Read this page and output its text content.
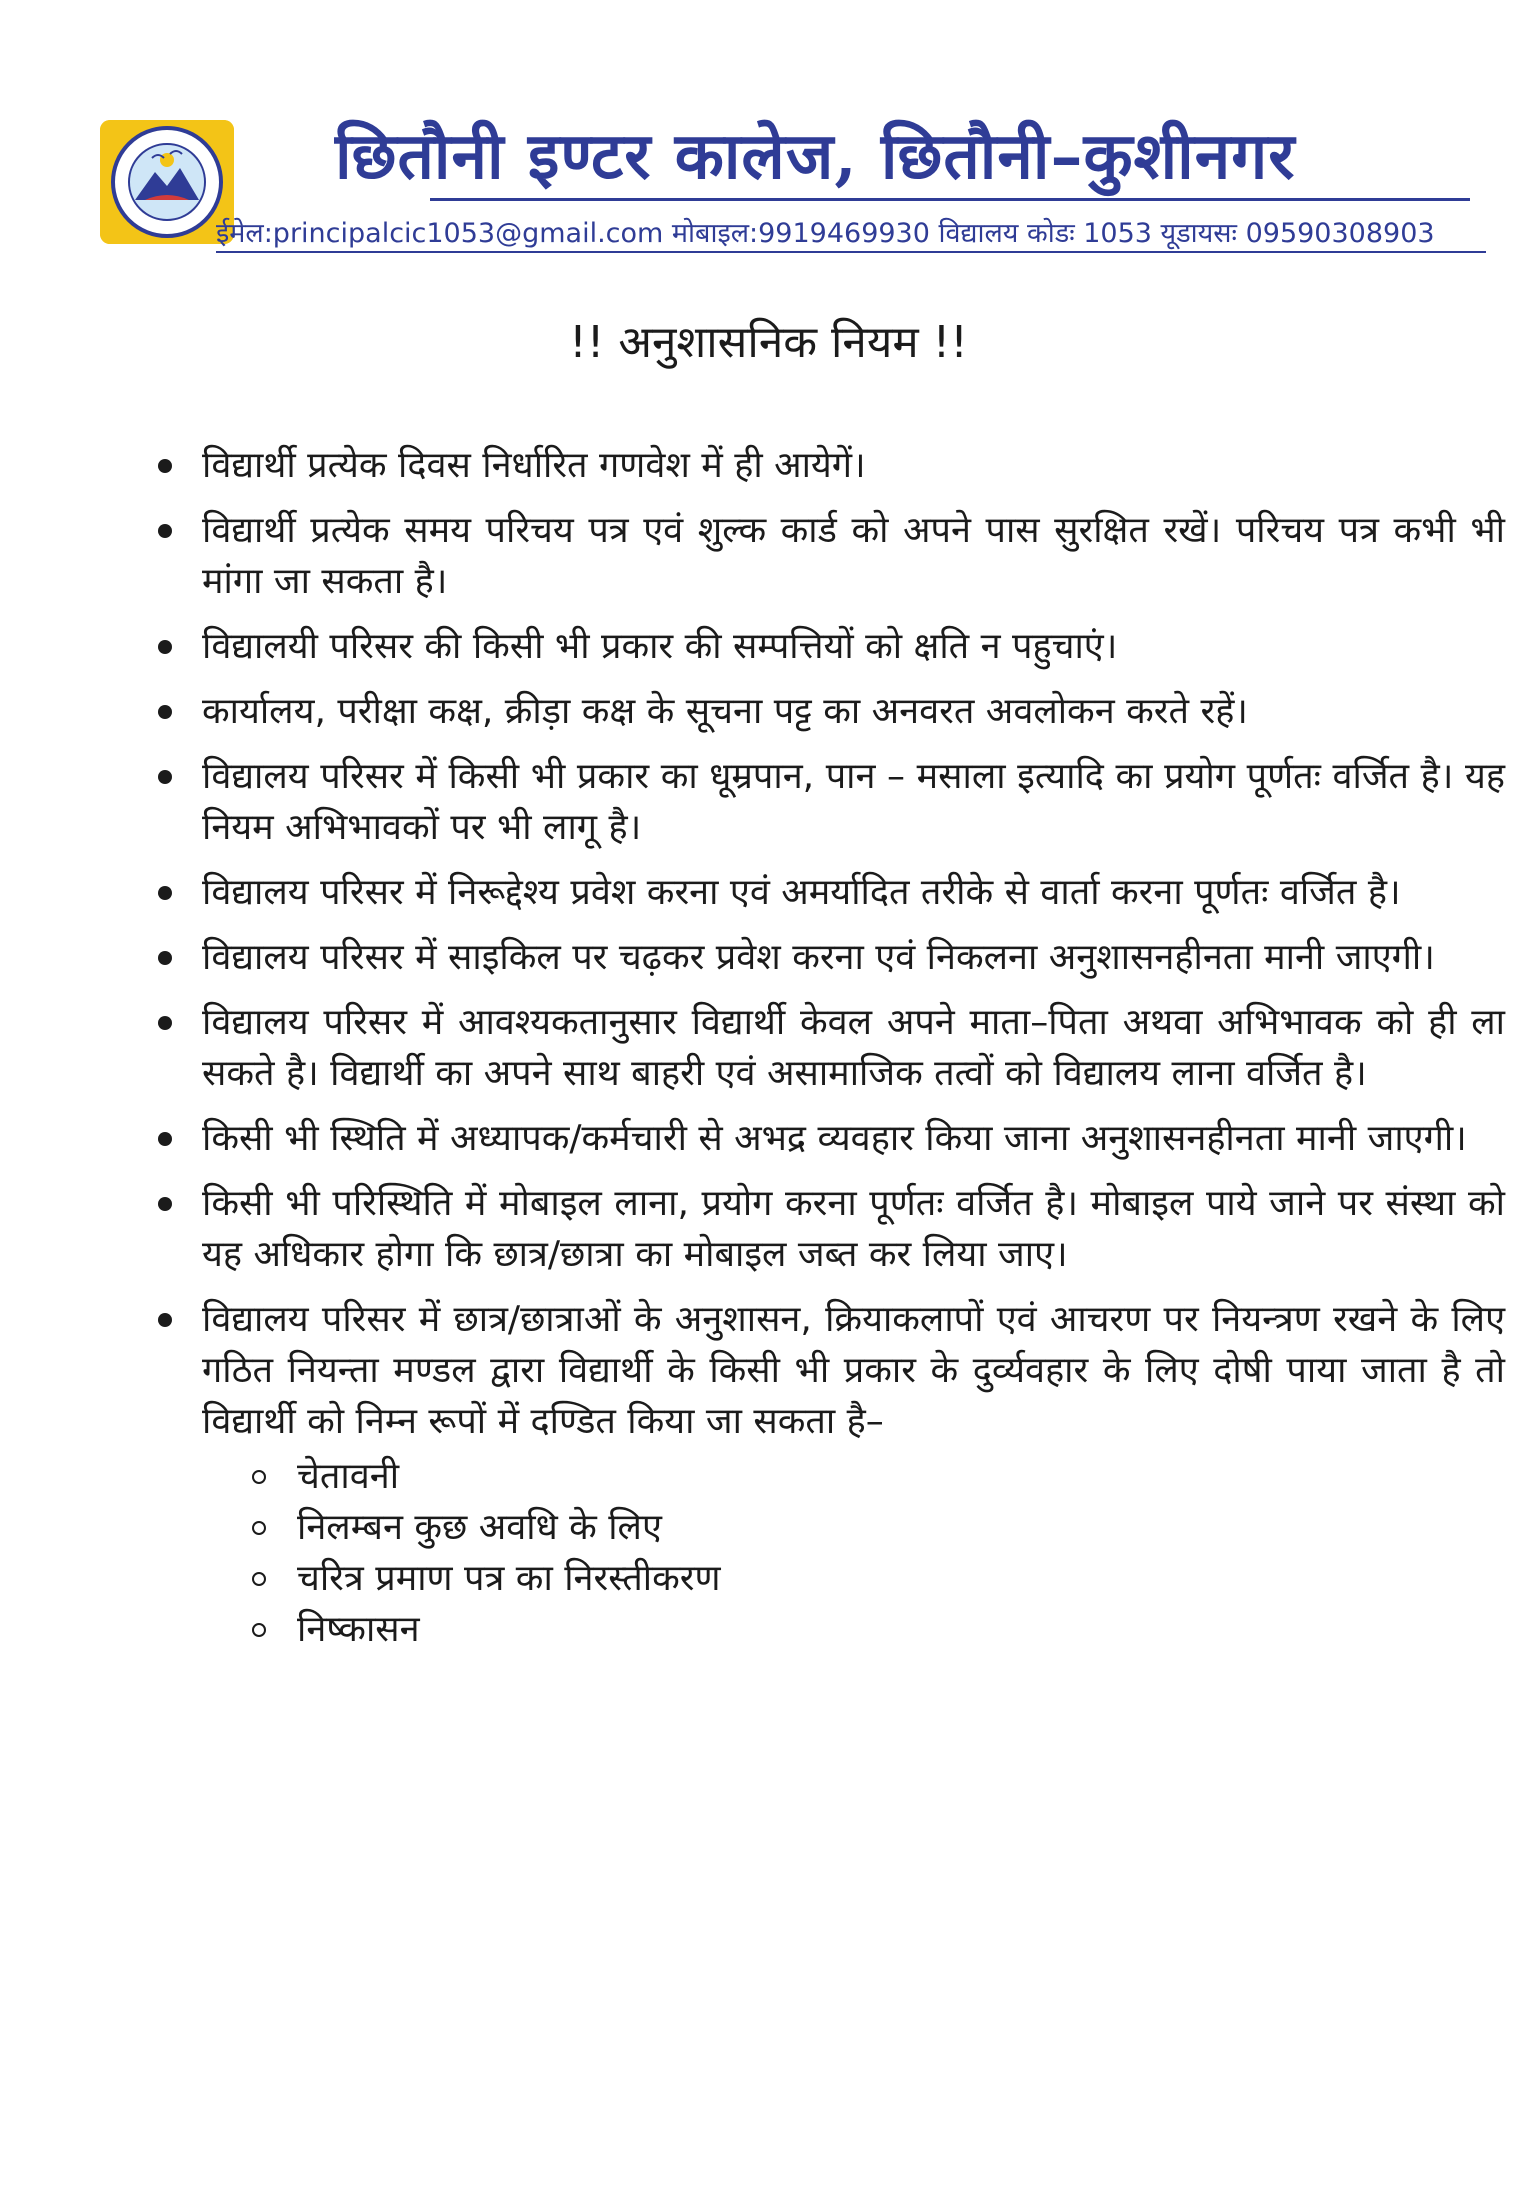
छितौनी इण्टर कालेज, छितौनी–कुशीनगर
ईमेल:principalcic1053@gmail.com मोबाइल:9919469930 विद्यालय कोडः 1053 यूडायसः 09590308903
!! अनुशासनिक नियम !!
विद्यार्थी प्रत्येक दिवस निर्धारित गणवेश में ही आयेगें।
विद्यार्थी प्रत्येक समय परिचय पत्र एवं शुल्क कार्ड को अपने पास सुरक्षित रखें। परिचय पत्र कभी भी मांगा जा सकता है।
विद्यालयी परिसर की किसी भी प्रकार की सम्पत्तियों को क्षति न पहुचाएं।
कार्यालय, परीक्षा कक्ष, क्रीड़ा कक्ष के सूचना पट्ट का अनवरत अवलोकन करते रहें।
विद्यालय परिसर में किसी भी प्रकार का धूम्रपान, पान – मसाला इत्यादि का प्रयोग पूर्णतः वर्जित है। यह नियम अभिभावकों पर भी लागू है।
विद्यालय परिसर में निरूद्देश्य प्रवेश करना एवं अमर्यादित तरीके से वार्ता करना पूर्णतः वर्जित है।
विद्यालय परिसर में साइकिल पर चढ़कर प्रवेश करना एवं निकलना अनुशासनहीनता मानी जाएगी।
विद्यालय परिसर में आवश्यकतानुसार विद्यार्थी केवल अपने माता–पिता अथवा अभिभावक को ही ला सकते है। विद्यार्थी का अपने साथ बाहरी एवं असामाजिक तत्वों को विद्यालय लाना वर्जित है।
किसी भी स्थिति में अध्यापक/कर्मचारी से अभद्र व्यवहार किया जाना अनुशासनहीनता मानी जाएगी।
किसी भी परिस्थिति में मोबाइल लाना, प्रयोग करना पूर्णतः वर्जित है। मोबाइल पाये जाने पर संस्था को यह अधिकार होगा कि छात्र/छात्रा का मोबाइल जब्त कर लिया जाए।
विद्यालय परिसर में छात्र/छात्राओं के अनुशासन, क्रियाकलापों एवं आचरण पर नियन्त्रण रखने के लिए गठित नियन्ता मण्डल द्वारा विद्यार्थी के किसी भी प्रकार के दुर्व्यवहार के लिए दोषी पाया जाता है तो विद्यार्थी को निम्न रूपों में दण्डित किया जा सकता है–
चेतावनी
निलम्बन कुछ अवधि के लिए
चरित्र प्रमाण पत्र का निरस्तीकरण
निष्कासन
